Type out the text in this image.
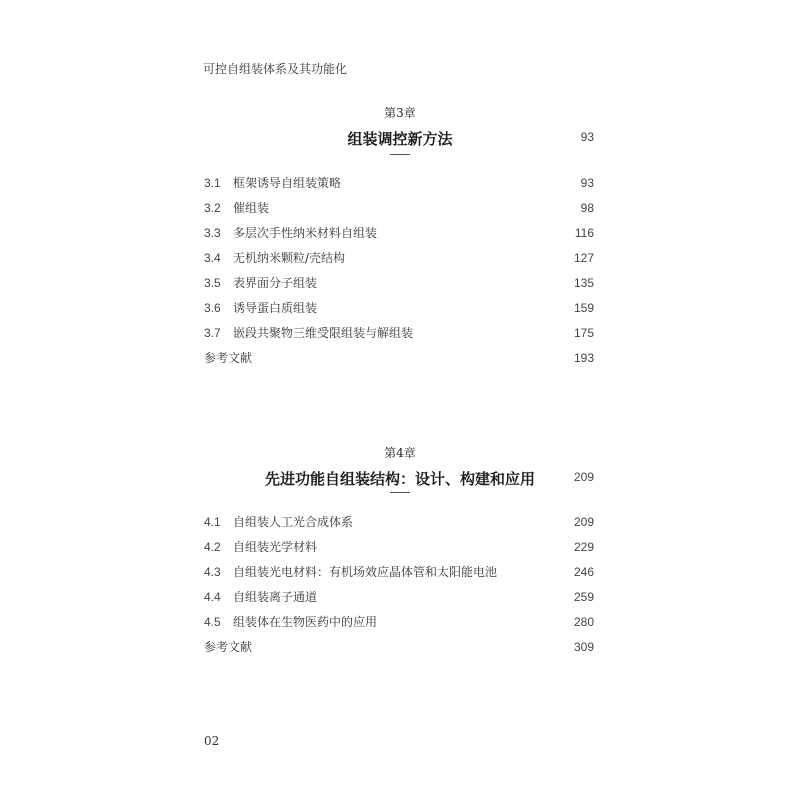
可控自组装体系及其功能化
第3章
组装调控新方法	93
3.1 框架诱导自组装策略	93
3.2 催组装	98
3.3 多层次手性纳米材料自组装	116
3.4 无机纳米颗粒/壳结构	127
3.5 表界面分子组装	135
3.6 诱导蛋白质组装	159
3.7 嵌段共聚物三维受限组装与解组装	175
参考文献	193
第4章
先进功能自组装结构：设计、构建和应用	209
4.1 自组装人工光合成体系	209
4.2 自组装光学材料	229
4.3 自组装光电材料：有机场效应晶体管和太阳能电池	246
4.4 自组装离子通道	259
4.5 组装体在生物医药中的应用	280
参考文献	309
02
